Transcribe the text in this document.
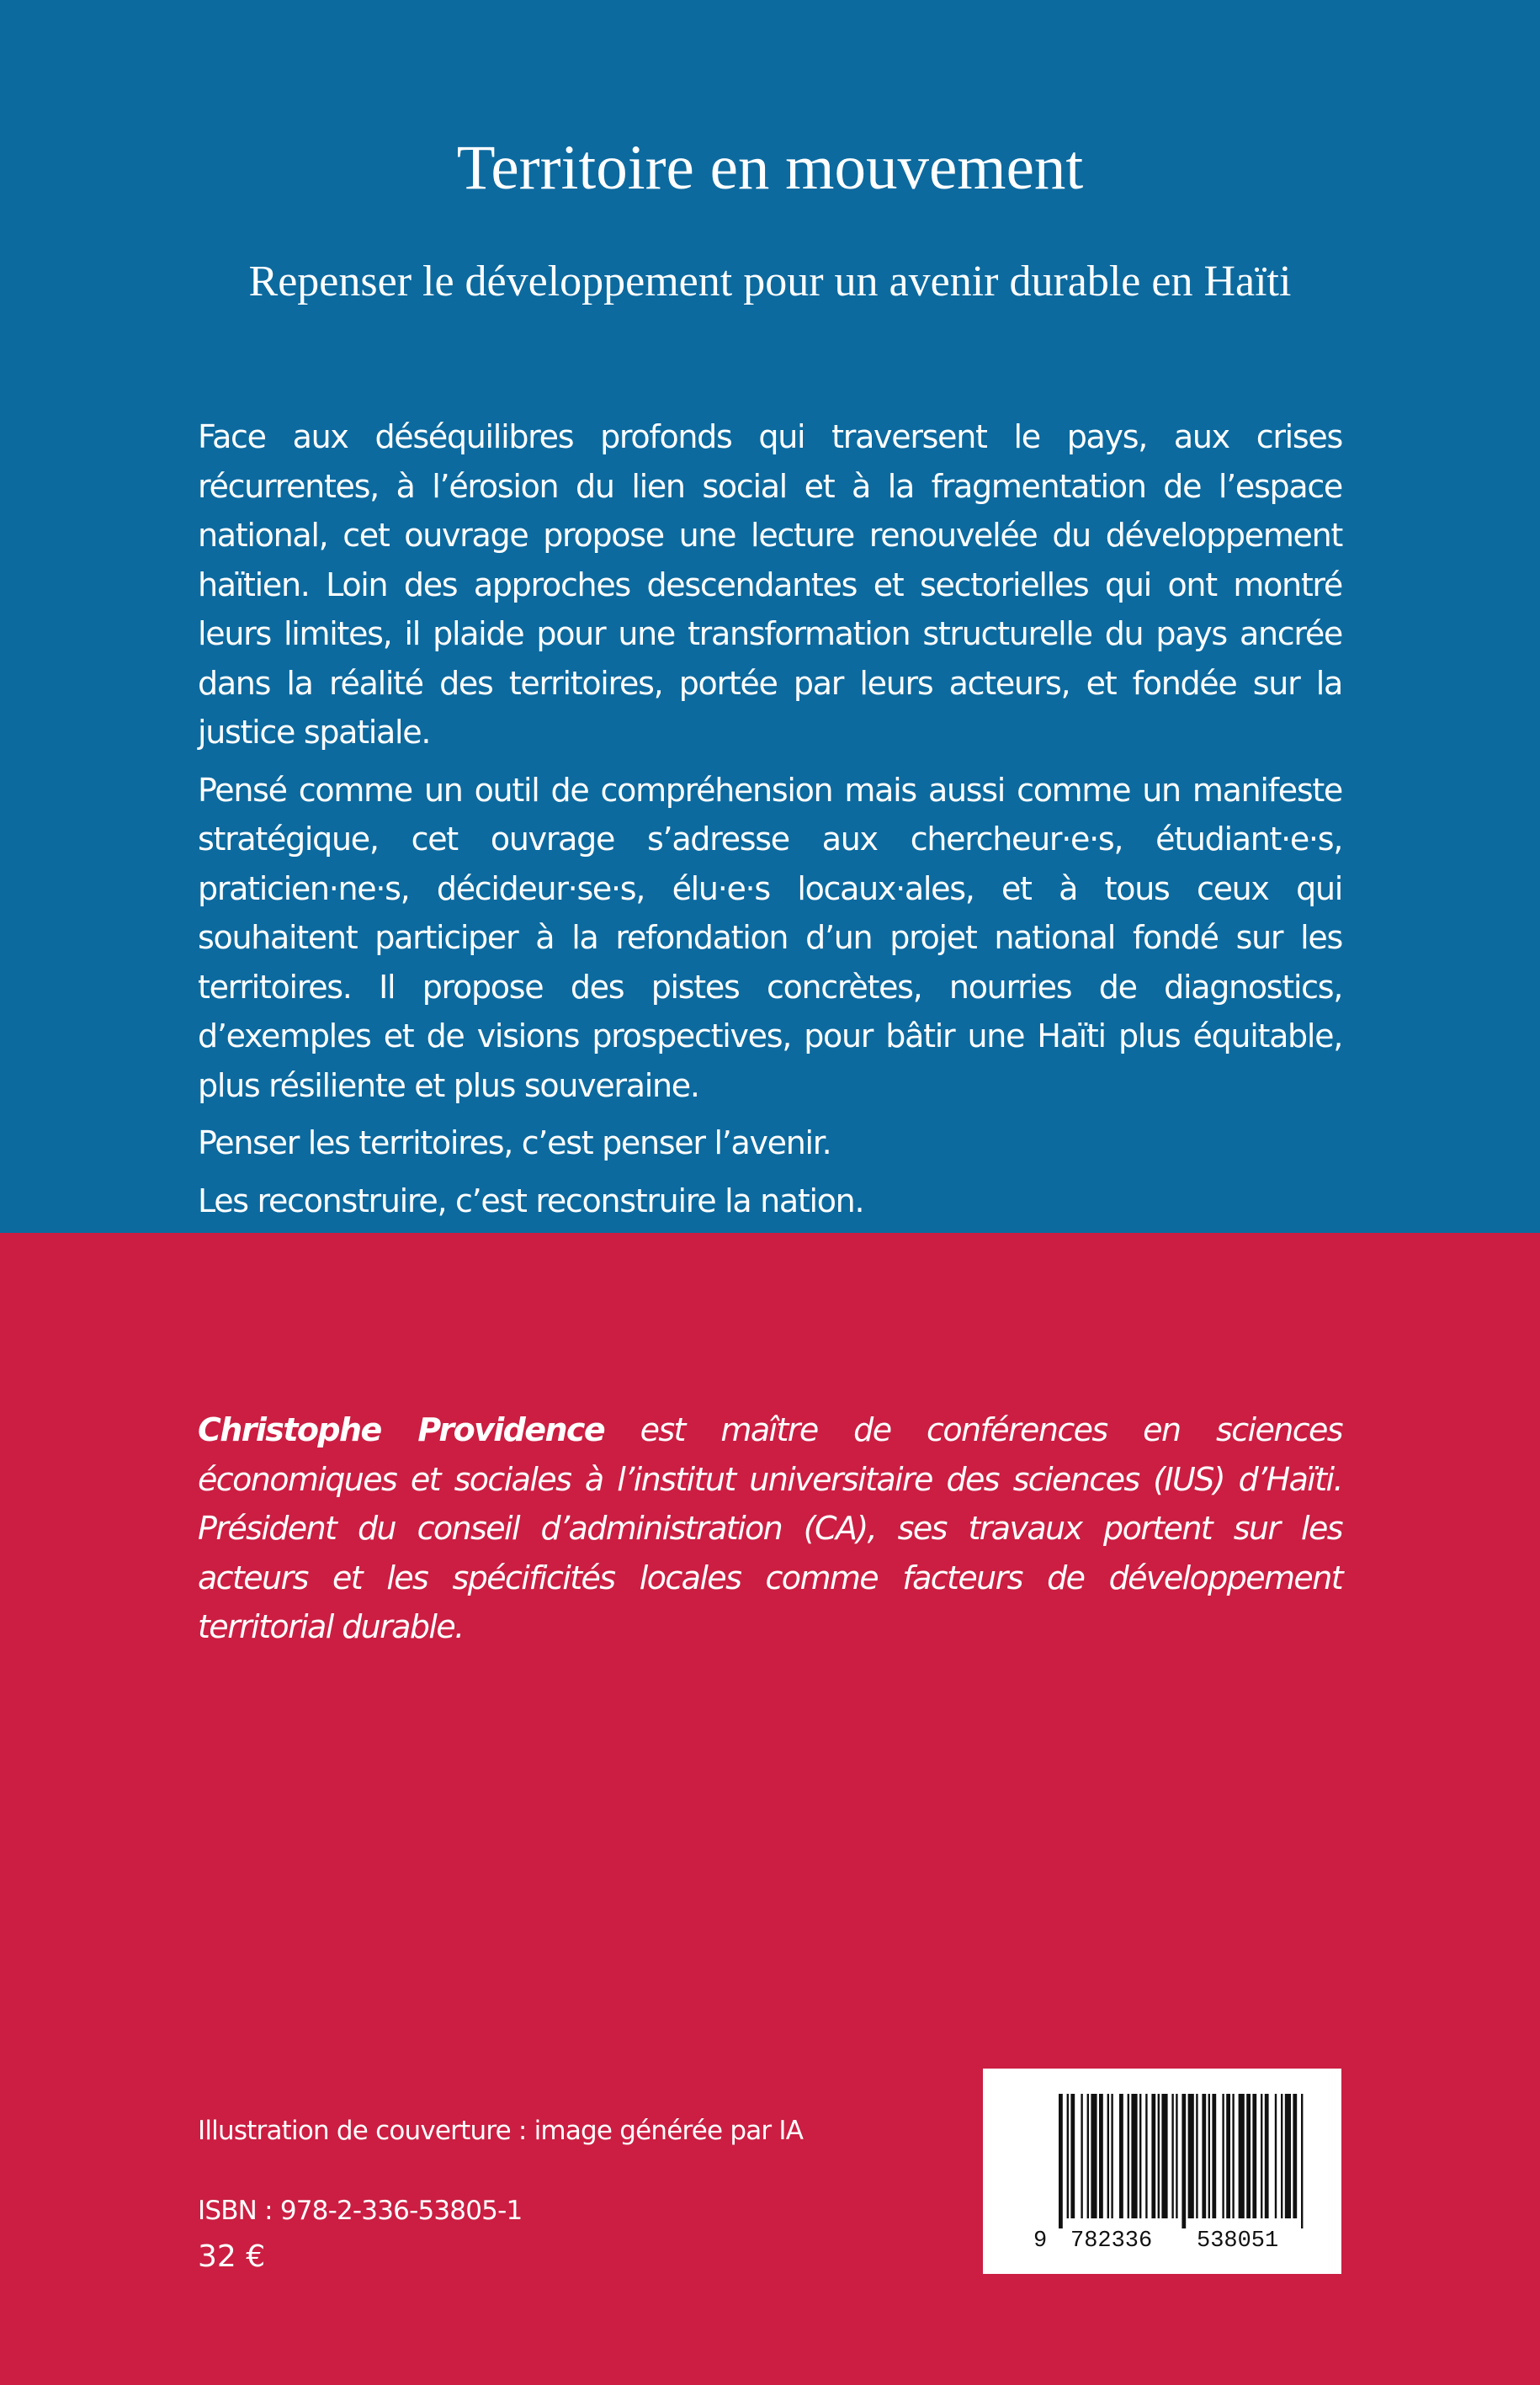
Territoire en mouvement
Repenser le développement pour un avenir durable en Haïti

Face aux déséquilibres profonds qui traversent le pays, aux crises récurrentes, à l’érosion du lien social et à la fragmentation de l’espace national, cet ouvrage propose une lecture renouvelée du développement haïtien. Loin des approches descendantes et sectorielles qui ont montré leurs limites, il plaide pour une transformation structurelle du pays ancrée dans la réalité des territoires, portée par leurs acteurs, et fondée sur la justice spatiale.

Pensé comme un outil de compréhension mais aussi comme un manifeste stratégique, cet ouvrage s’adresse aux chercheur·e·s, étudiant·e·s, praticien·ne·s, décideur·se·s, élu·e·s locaux·ales, et à tous ceux qui souhaitent participer à la refondation d’un projet national fondé sur les territoires. Il propose des pistes concrètes, nourries de diagnostics, d’exemples et de visions prospectives, pour bâtir une Haïti plus équitable, plus résiliente et plus souveraine.

Penser les territoires, c’est penser l’avenir.

Les reconstruire, c’est reconstruire la nation.

Christophe Providence est maître de conférences en sciences économiques et sociales à l’institut universitaire des sciences (IUS) d’Haïti. Président du conseil d’administration (CA), ses travaux portent sur les acteurs et les spécificités locales comme facteurs de développement territorial durable.

Illustration de couverture : image générée par IA
ISBN : 978-2-336-53805-1
32 €	9 782336 538051
